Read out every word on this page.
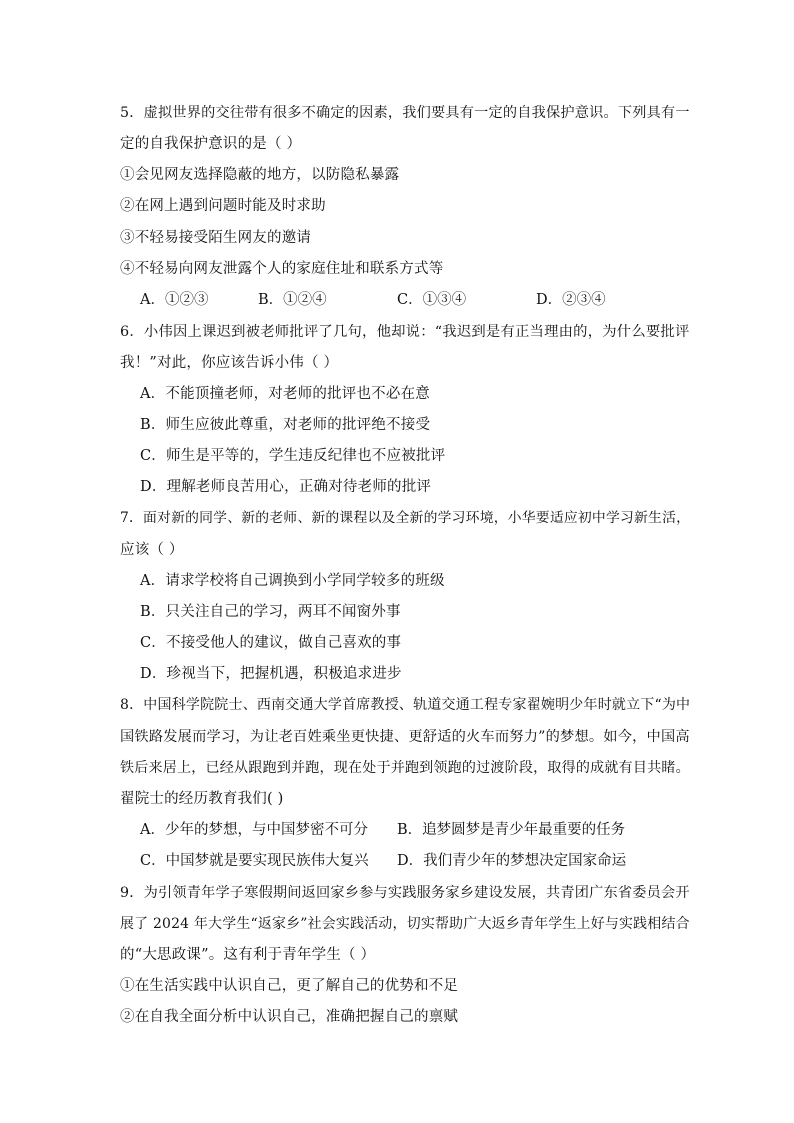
5．虚拟世界的交往带有很多不确定的因素，我们要具有一定的自我保护意识。下列具有一
定的自我保护意识的是（ ）
①会见网友选择隐蔽的地方，以防隐私暴露
②在网上遇到问题时能及时求助
③不轻易接受陌生网友的邀请
④不轻易向网友泄露个人的家庭住址和联系方式等
A．①②③	B．①②④	C．①③④	D．②③④
6．小伟因上课迟到被老师批评了几句，他却说：“我迟到是有正当理由的，为什么要批评
我！”对此，你应该告诉小伟（ ）
A．不能顶撞老师，对老师的批评也不必在意
B．师生应彼此尊重，对老师的批评绝不接受
C．师生是平等的，学生违反纪律也不应被批评
D．理解老师良苦用心，正确对待老师的批评
7．面对新的同学、新的老师、新的课程以及全新的学习环境，小华要适应初中学习新生活，
应该（ ）
A．请求学校将自己调换到小学同学较多的班级
B．只关注自己的学习，两耳不闻窗外事
C．不接受他人的建议，做自己喜欢的事
D．珍视当下，把握机遇，积极追求进步
8．中国科学院院士、西南交通大学首席教授、轨道交通工程专家翟婉明少年时就立下“为中
国铁路发展而学习，为让老百姓乘坐更快捷、更舒适的火车而努力”的梦想。如今，中国高
铁后来居上，已经从跟跑到并跑，现在处于并跑到领跑的过渡阶段，取得的成就有目共睹。
翟院士的经历教育我们( )
A．少年的梦想，与中国梦密不可分 B．追梦圆梦是青少年最重要的任务
C．中国梦就是要实现民族伟大复兴 D．我们青少年的梦想决定国家命运
9．为引领青年学子寒假期间返回家乡参与实践服务家乡建设发展，共青团广东省委员会开
展了 2024 年大学生“返家乡”社会实践活动，切实帮助广大返乡青年学生上好与实践相结合
的“大思政课”。这有利于青年学生（ ）
①在生活实践中认识自己，更了解自己的优势和不足
②在自我全面分析中认识自己，准确把握自己的禀赋
